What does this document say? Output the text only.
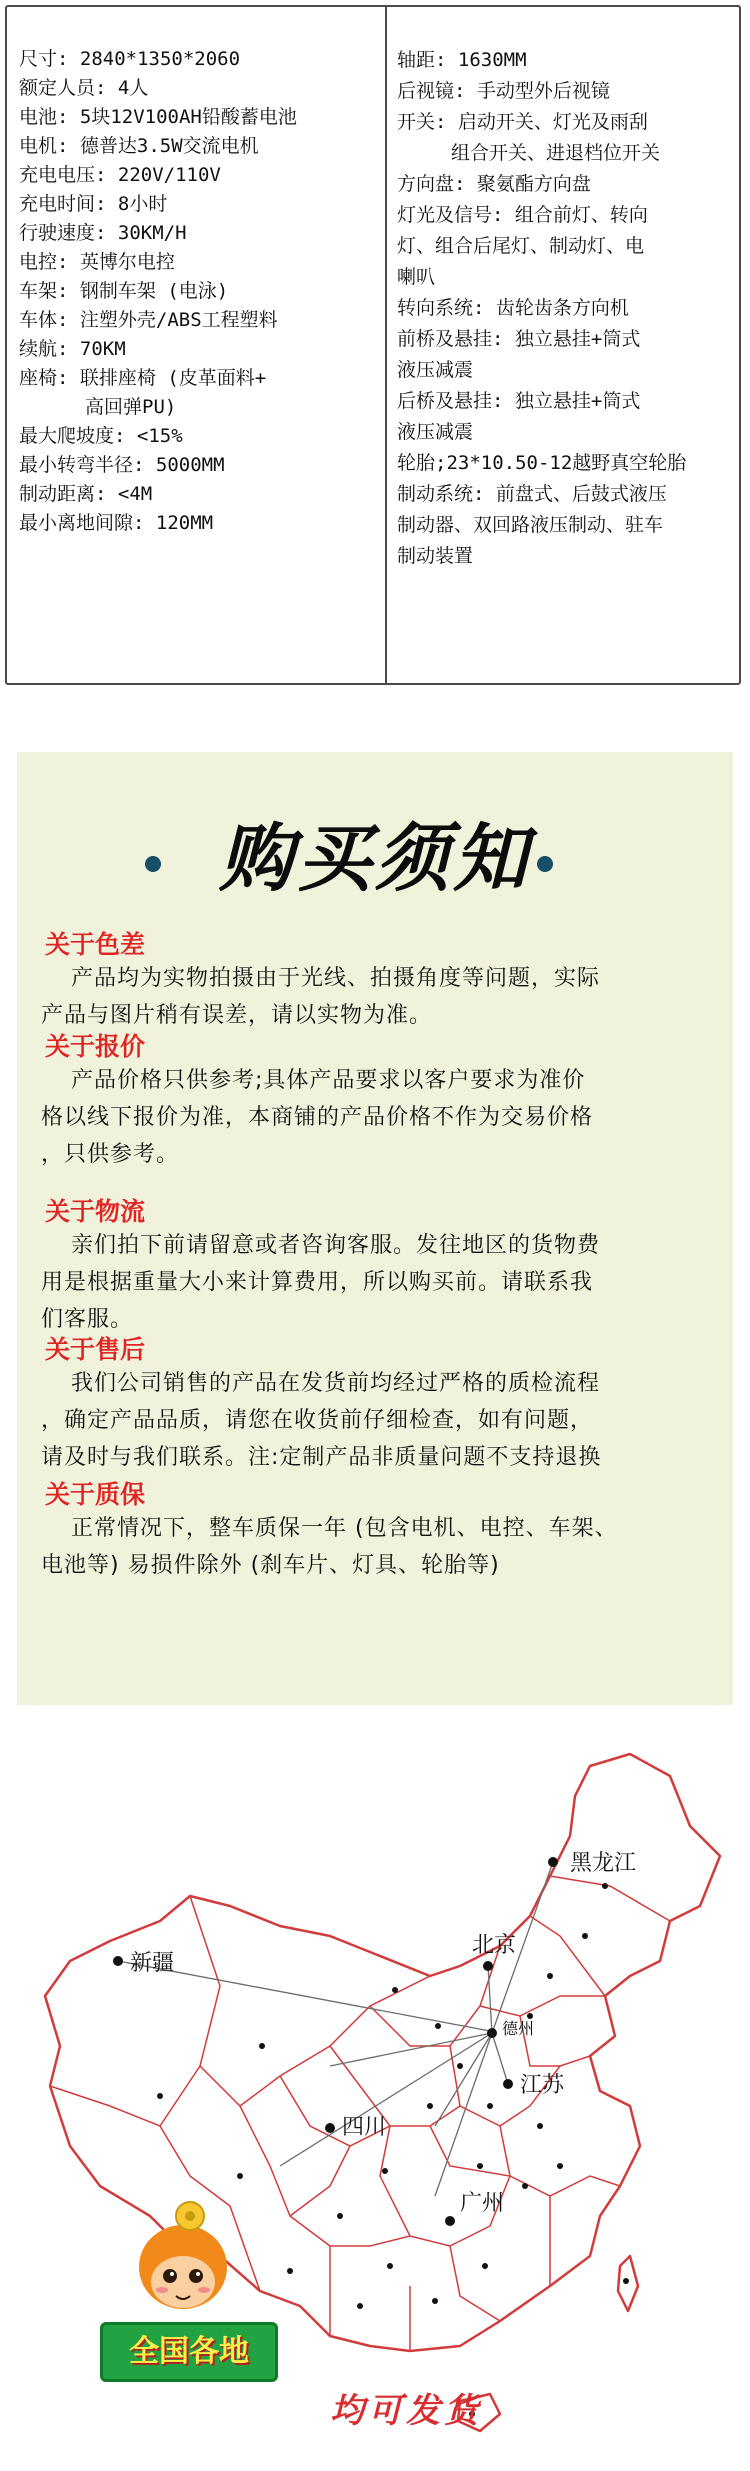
尺寸: 2840*1350*2060
额定人员: 4人
电池: 5块12V100AH铅酸蓄电池
电机: 德普达3.5W交流电机
充电电压: 220V/110V
充电时间: 8小时
行驶速度: 30KM/H
电控: 英博尔电控
车架: 钢制车架 (电泳)
车体: 注塑外壳/ABS工程塑料
续航: 70KM
座椅: 联排座椅 (皮革面料+
高回弹PU)
最大爬坡度: <15%
最小转弯半径: 5000MM
制动距离: <4M
最小离地间隙: 120MM
轴距: 1630MM
后视镜: 手动型外后视镜
开关: 启动开关、灯光及雨刮
组合开关、进退档位开关
方向盘: 聚氨酯方向盘
灯光及信号: 组合前灯、转向
灯、组合后尾灯、制动灯、电
喇叭
转向系统: 齿轮齿条方向机
前桥及悬挂: 独立悬挂+筒式
液压减震
后桥及悬挂: 独立悬挂+筒式
液压减震
轮胎;23*10.50-12越野真空轮胎
制动系统: 前盘式、后鼓式液压
制动器、双回路液压制动、驻车
制动装置
购买须知
关于色差
产品均为实物拍摄由于光线、拍摄角度等问题，实际
产品与图片稍有误差，请以实物为准。
关于报价
产品价格只供参考;具体产品要求以客户要求为准价
格以线下报价为准，本商铺的产品价格不作为交易价格
，只供参考。
关于物流
亲们拍下前请留意或者咨询客服。发往地区的货物费
用是根据重量大小来计算费用，所以购买前。请联系我
们客服。
关于售后
我们公司销售的产品在发货前均经过严格的质检流程
，确定产品品质，请您在收货前仔细检查，如有问题，
请及时与我们联系。注:定制产品非质量问题不支持退换
关于质保
正常情况下，整车质保一年 (包含电机、电控、车架、
电池等) 易损件除外 (刹车片、灯具、轮胎等)
黑龙江
新疆
北京
德州
江苏
四川
广州
全国各地
均可发货
